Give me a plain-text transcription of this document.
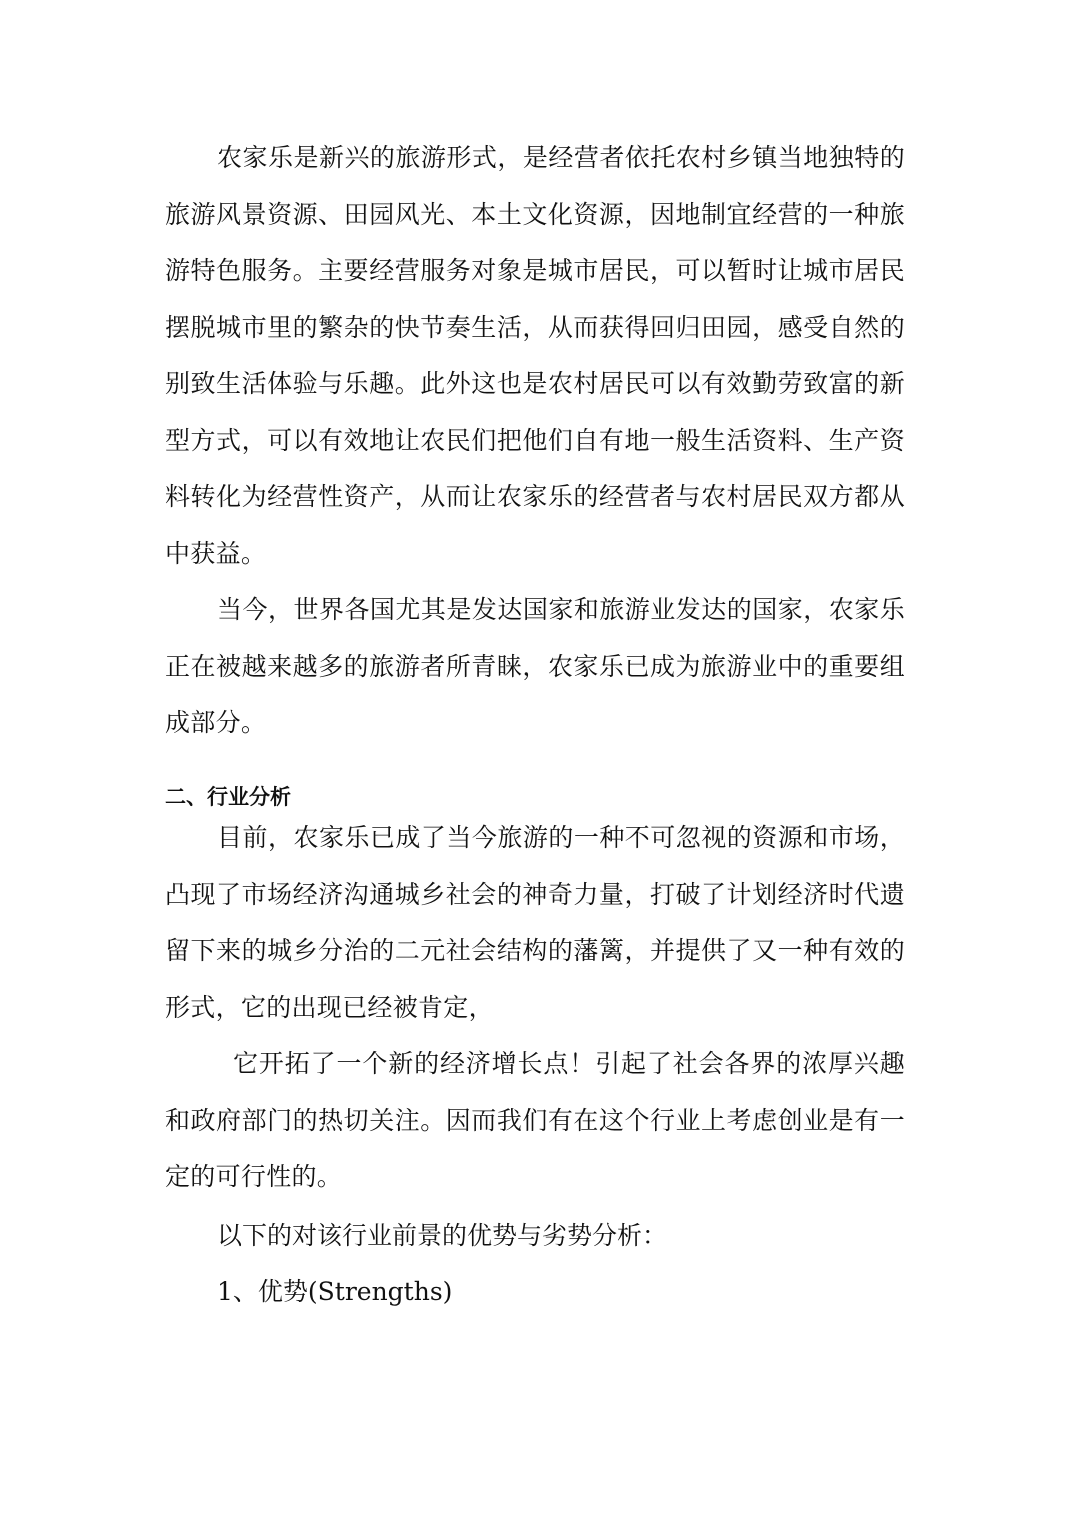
农家乐是新兴的旅游形式，是经营者依托农村乡镇当地独特的旅游风景资源、田园风光、本土文化资源，因地制宜经营的一种旅游特色服务。主要经营服务对象是城市居民，可以暂时让城市居民摆脱城市里的繁杂的快节奏生活，从而获得回归田园，感受自然的别致生活体验与乐趣。此外这也是农村居民可以有效勤劳致富的新型方式，可以有效地让农民们把他们自有地一般生活资料、生产资料转化为经营性资产，从而让农家乐的经营者与农村居民双方都从中获益。

当今，世界各国尤其是发达国家和旅游业发达的国家，农家乐正在被越来越多的旅游者所青睐，农家乐已成为旅游业中的重要组成部分。

二、行业分析

目前，农家乐已成了当今旅游的一种不可忽视的资源和市场，凸现了市场经济沟通城乡社会的神奇力量，打破了计划经济时代遗留下来的城乡分治的二元社会结构的藩篱，并提供了又一种有效的形式，它的出现已经被肯定，

它开拓了一个新的经济增长点！引起了社会各界的浓厚兴趣和政府部门的热切关注。因而我们有在这个行业上考虑创业是有一定的可行性的。

以下的对该行业前景的优势与劣势分析：

1、优势(Strengths)
